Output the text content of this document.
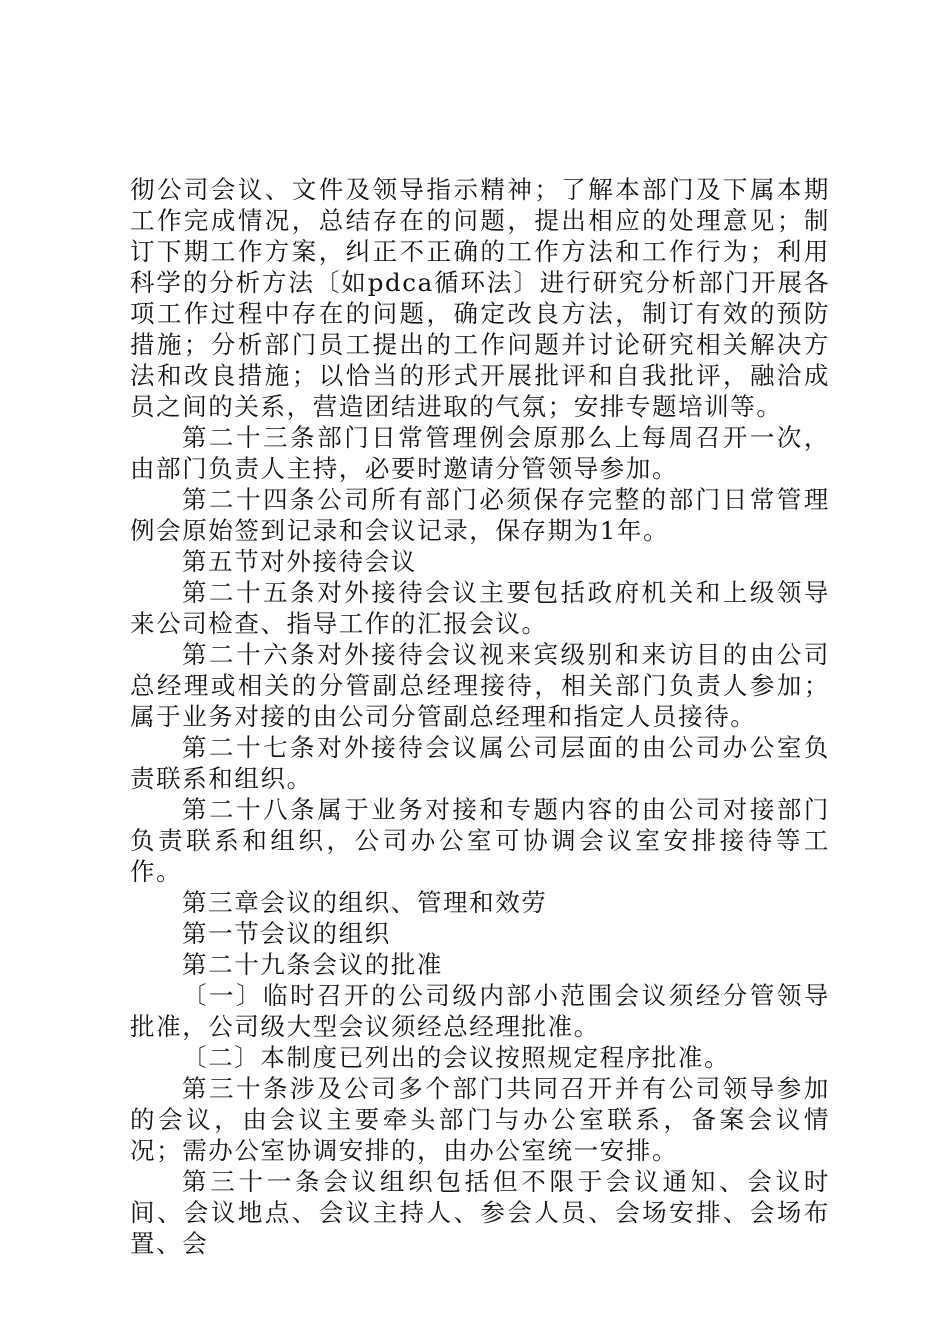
彻公司会议、文件及领导指示精神；了解本部门及下属本期工作完成情况，总结存在的问题，提出相应的处理意见；制订下期工作方案，纠正不正确的工作方法和工作行为；利用科学的分析方法〔如pdca循环法〕进行研究分析部门开展各项工作过程中存在的问题，确定改良方法，制订有效的预防措施；分析部门员工提出的工作问题并讨论研究相关解决方法和改良措施；以恰当的形式开展批评和自我批评，融洽成员之间的关系，营造团结进取的气氛；安排专题培训等。

第二十三条部门日常管理例会原那么上每周召开一次，由部门负责人主持，必要时邀请分管领导参加。

第二十四条公司所有部门必须保存完整的部门日常管理例会原始签到记录和会议记录，保存期为1年。

第五节对外接待会议

第二十五条对外接待会议主要包括政府机关和上级领导来公司检查、指导工作的汇报会议。

第二十六条对外接待会议视来宾级别和来访目的由公司总经理或相关的分管副总经理接待，相关部门负责人参加；属于业务对接的由公司分管副总经理和指定人员接待。

第二十七条对外接待会议属公司层面的由公司办公室负责联系和组织。

第二十八条属于业务对接和专题内容的由公司对接部门负责联系和组织，公司办公室可协调会议室安排接待等工作。

第三章会议的组织、管理和效劳

第一节会议的组织

第二十九条会议的批准

〔一〕临时召开的公司级内部小范围会议须经分管领导批准，公司级大型会议须经总经理批准。

〔二〕本制度已列出的会议按照规定程序批准。

第三十条涉及公司多个部门共同召开并有公司领导参加的会议，由会议主要牵头部门与办公室联系，备案会议情况；需办公室协调安排的，由办公室统一安排。

第三十一条会议组织包括但不限于会议通知、会议时间、会议地点、会议主持人、参会人员、会场安排、会场布置、会
